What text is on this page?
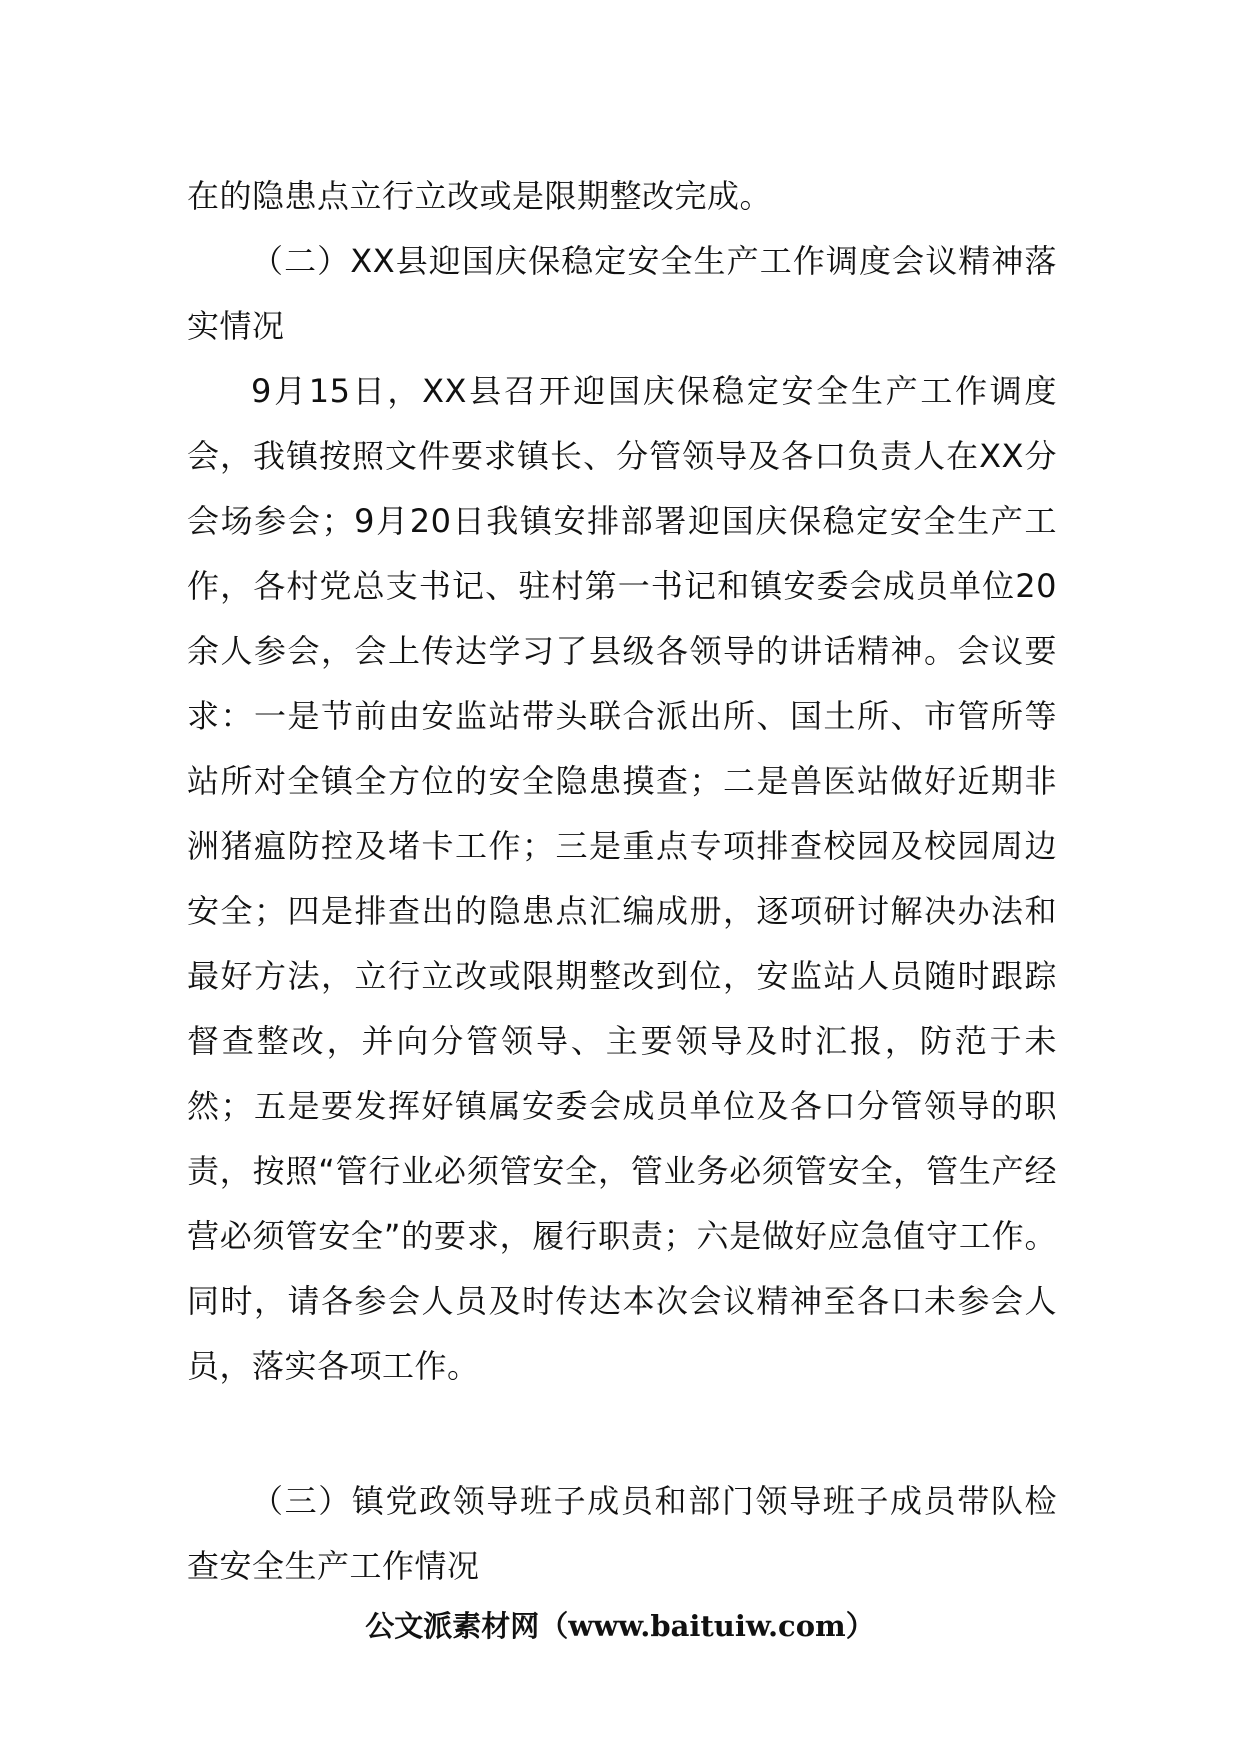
在的隐患点立行立改或是限期整改完成。

（二）XX县迎国庆保稳定安全生产工作调度会议精神落实情况

9月15日，XX县召开迎国庆保稳定安全生产工作调度会，我镇按照文件要求镇长、分管领导及各口负责人在XX分会场参会；9月20日我镇安排部署迎国庆保稳定安全生产工作，各村党总支书记、驻村第一书记和镇安委会成员单位20余人参会，会上传达学习了县级各领导的讲话精神。会议要求：一是节前由安监站带头联合派出所、国土所、市管所等站所对全镇全方位的安全隐患摸查；二是兽医站做好近期非洲猪瘟防控及堵卡工作；三是重点专项排查校园及校园周边安全；四是排查出的隐患点汇编成册，逐项研讨解决办法和最好方法，立行立改或限期整改到位，安监站人员随时跟踪督查整改，并向分管领导、主要领导及时汇报，防范于未然；五是要发挥好镇属安委会成员单位及各口分管领导的职责，按照“管行业必须管安全，管业务必须管安全，管生产经营必须管安全”的要求，履行职责；六是做好应急值守工作。同时，请各参会人员及时传达本次会议精神至各口未参会人员，落实各项工作。

（三）镇党政领导班子成员和部门领导班子成员带队检查安全生产工作情况

公文派素材网（www.baituiw.com）
